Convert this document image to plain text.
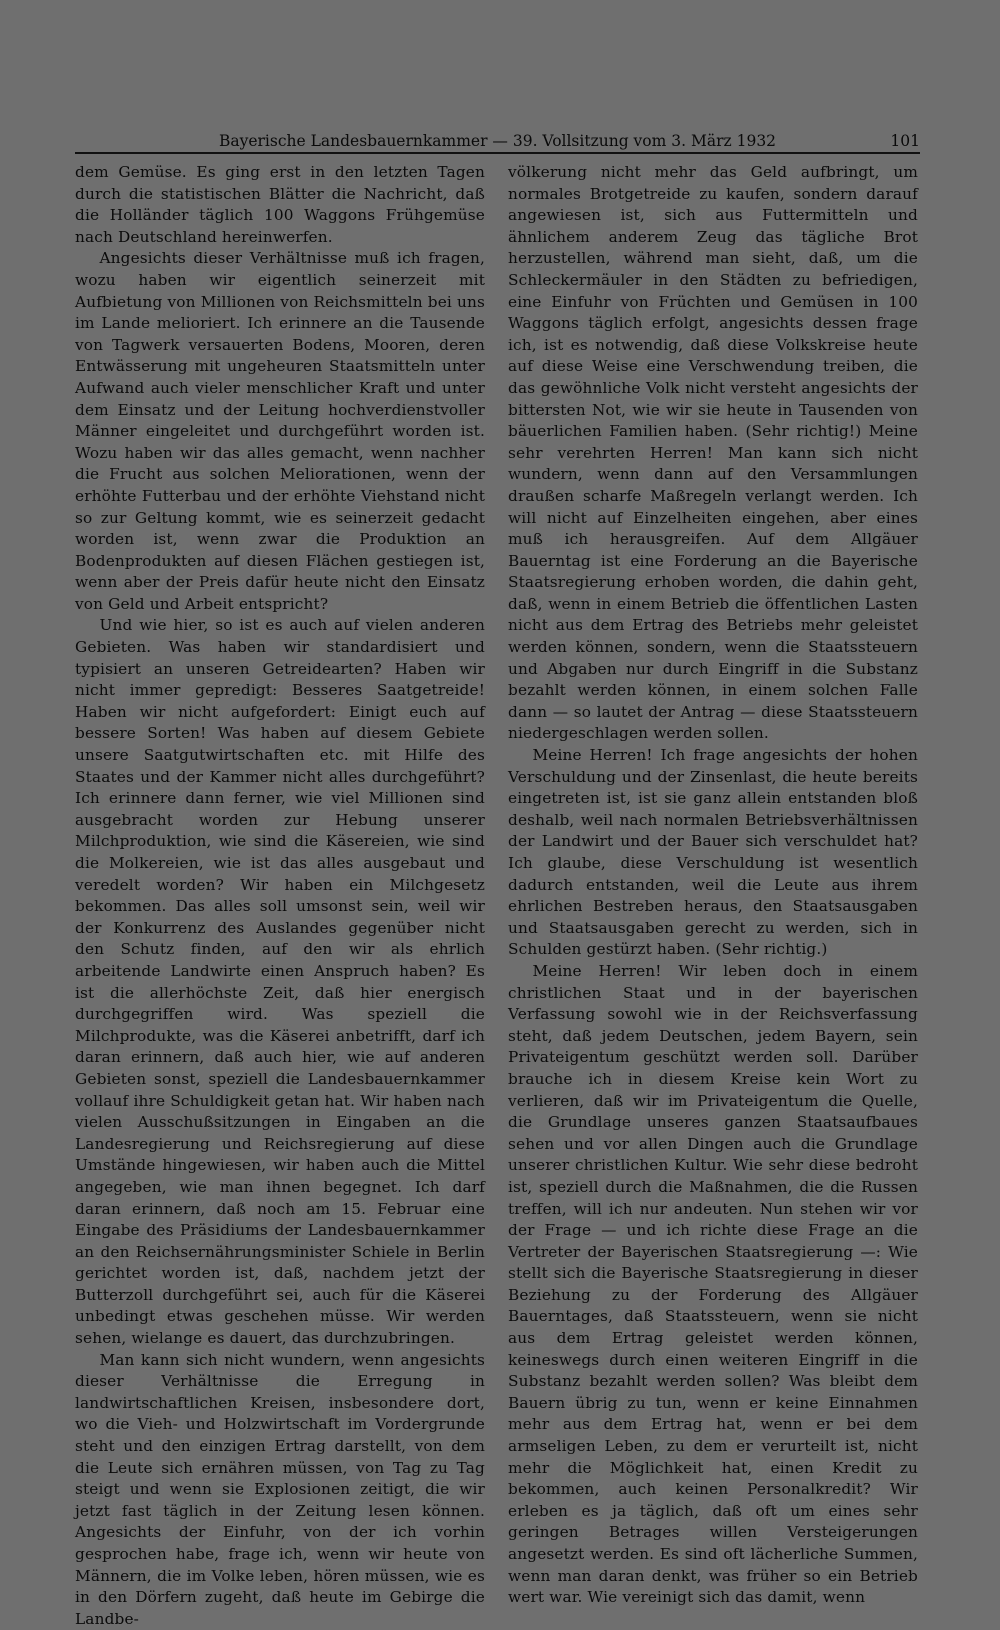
Bayerische Landesbauernkammer — 39. Vollsitzung vom 3. März 1932	101

dem Gemüse. Es ging erst in den letzten Tagen durch die statistischen Blätter die Nachricht, daß die Holländer täglich 100 Waggons Frühgemüse nach Deutschland hereinwerfen.

Angesichts dieser Verhältnisse muß ich fragen, wozu haben wir eigentlich seinerzeit mit Aufbietung von Millionen von Reichsmitteln bei uns im Lande melioriert. Ich erinnere an die Tausende von Tagwerk versauerten Bodens, Mooren, deren Entwässerung mit ungeheuren Staatsmitteln unter Aufwand auch vieler menschlicher Kraft und unter dem Einsatz und der Leitung hochverdienstvoller Männer eingeleitet und durchgeführt worden ist. Wozu haben wir das alles gemacht, wenn nachher die Frucht aus solchen Meliorationen, wenn der erhöhte Futterbau und der erhöhte Viehstand nicht so zur Geltung kommt, wie es seinerzeit gedacht worden ist, wenn zwar die Produktion an Bodenprodukten auf diesen Flächen gestiegen ist, wenn aber der Preis dafür heute nicht den Einsatz von Geld und Arbeit entspricht?

Und wie hier, so ist es auch auf vielen anderen Gebieten. Was haben wir standardisiert und typisiert an unseren Getreidearten? Haben wir nicht immer gepredigt: Besseres Saatgetreide! Haben wir nicht aufgefordert: Einigt euch auf bessere Sorten! Was haben auf diesem Gebiete unsere Saatgutwirtschaften etc. mit Hilfe des Staates und der Kammer nicht alles durchgeführt? Ich erinnere dann ferner, wie viel Millionen sind ausgebracht worden zur Hebung unserer Milchproduktion, wie sind die Käsereien, wie sind die Molkereien, wie ist das alles ausgebaut und veredelt worden? Wir haben ein Milchgesetz bekommen. Das alles soll umsonst sein, weil wir der Konkurrenz des Auslandes gegenüber nicht den Schutz finden, auf den wir als ehrlich arbeitende Landwirte einen Anspruch haben? Es ist die allerhöchste Zeit, daß hier energisch durchgegriffen wird. Was speziell die Milchprodukte, was die Käserei anbetrifft, darf ich daran erinnern, daß auch hier, wie auf anderen Gebieten sonst, speziell die Landesbauernkammer vollauf ihre Schuldigkeit getan hat. Wir haben nach vielen Ausschußsitzungen in Eingaben an die Landesregierung und Reichsregierung auf diese Umstände hingewiesen, wir haben auch die Mittel angegeben, wie man ihnen begegnet. Ich darf daran erinnern, daß noch am 15. Februar eine Eingabe des Präsidiums der Landesbauernkammer an den Reichsernährungsminister Schiele in Berlin gerichtet worden ist, daß, nachdem jetzt der Butterzoll durchgeführt sei, auch für die Käserei unbedingt etwas geschehen müsse. Wir werden sehen, wielange es dauert, das durchzubringen.

Man kann sich nicht wundern, wenn angesichts dieser Verhältnisse die Erregung in landwirtschaftlichen Kreisen, insbesondere dort, wo die Vieh- und Holzwirtschaft im Vordergrunde steht und den einzigen Ertrag darstellt, von dem die Leute sich ernähren müssen, von Tag zu Tag steigt und wenn sie Explosionen zeitigt, die wir jetzt fast täglich in der Zeitung lesen können. Angesichts der Einfuhr, von der ich vorhin gesprochen habe, frage ich, wenn wir heute von Männern, die im Volke leben, hören müssen, wie es in den Dörfern zugeht, daß heute im Gebirge die Landbe-

völkerung nicht mehr das Geld aufbringt, um normales Brotgetreide zu kaufen, sondern darauf angewiesen ist, sich aus Futtermitteln und ähnlichem anderem Zeug das tägliche Brot herzustellen, während man sieht, daß, um die Schleckermäuler in den Städten zu befriedigen, eine Einfuhr von Früchten und Gemüsen in 100 Waggons täglich erfolgt, angesichts dessen frage ich, ist es notwendig, daß diese Volkskreise heute auf diese Weise eine Verschwendung treiben, die das gewöhnliche Volk nicht versteht angesichts der bittersten Not, wie wir sie heute in Tausenden von bäuerlichen Familien haben. (Sehr richtig!) Meine sehr verehrten Herren! Man kann sich nicht wundern, wenn dann auf den Versammlungen draußen scharfe Maßregeln verlangt werden. Ich will nicht auf Einzelheiten eingehen, aber eines muß ich herausgreifen. Auf dem Allgäuer Bauerntag ist eine Forderung an die Bayerische Staatsregierung erhoben worden, die dahin geht, daß, wenn in einem Betrieb die öffentlichen Lasten nicht aus dem Ertrag des Betriebs mehr geleistet werden können, sondern, wenn die Staatssteuern und Abgaben nur durch Eingriff in die Substanz bezahlt werden können, in einem solchen Falle dann — so lautet der Antrag — diese Staatssteuern niedergeschlagen werden sollen.

Meine Herren! Ich frage angesichts der hohen Verschuldung und der Zinsenlast, die heute bereits eingetreten ist, ist sie ganz allein entstanden bloß deshalb, weil nach normalen Betriebsverhältnissen der Landwirt und der Bauer sich verschuldet hat? Ich glaube, diese Verschuldung ist wesentlich dadurch entstanden, weil die Leute aus ihrem ehrlichen Bestreben heraus, den Staatsausgaben und Staatsausgaben gerecht zu werden, sich in Schulden gestürzt haben. (Sehr richtig.)

Meine Herren! Wir leben doch in einem christlichen Staat und in der bayerischen Verfassung sowohl wie in der Reichsverfassung steht, daß jedem Deutschen, jedem Bayern, sein Privateigentum geschützt werden soll. Darüber brauche ich in diesem Kreise kein Wort zu verlieren, daß wir im Privateigentum die Quelle, die Grundlage unseres ganzen Staatsaufbaues sehen und vor allen Dingen auch die Grundlage unserer christlichen Kultur. Wie sehr diese bedroht ist, speziell durch die Maßnahmen, die die Russen treffen, will ich nur andeuten. Nun stehen wir vor der Frage — und ich richte diese Frage an die Vertreter der Bayerischen Staatsregierung —: Wie stellt sich die Bayerische Staatsregierung in dieser Beziehung zu der Forderung des Allgäuer Bauerntages, daß Staatssteuern, wenn sie nicht aus dem Ertrag geleistet werden können, keineswegs durch einen weiteren Eingriff in die Substanz bezahlt werden sollen? Was bleibt dem Bauern übrig zu tun, wenn er keine Einnahmen mehr aus dem Ertrag hat, wenn er bei dem armseligen Leben, zu dem er verurteilt ist, nicht mehr die Möglichkeit hat, einen Kredit zu bekommen, auch keinen Personalkredit? Wir erleben es ja täglich, daß oft um eines sehr geringen Betrages willen Versteigerungen angesetzt werden. Es sind oft lächerliche Summen, wenn man daran denkt, was früher so ein Betrieb wert war. Wie vereinigt sich das damit, wenn
